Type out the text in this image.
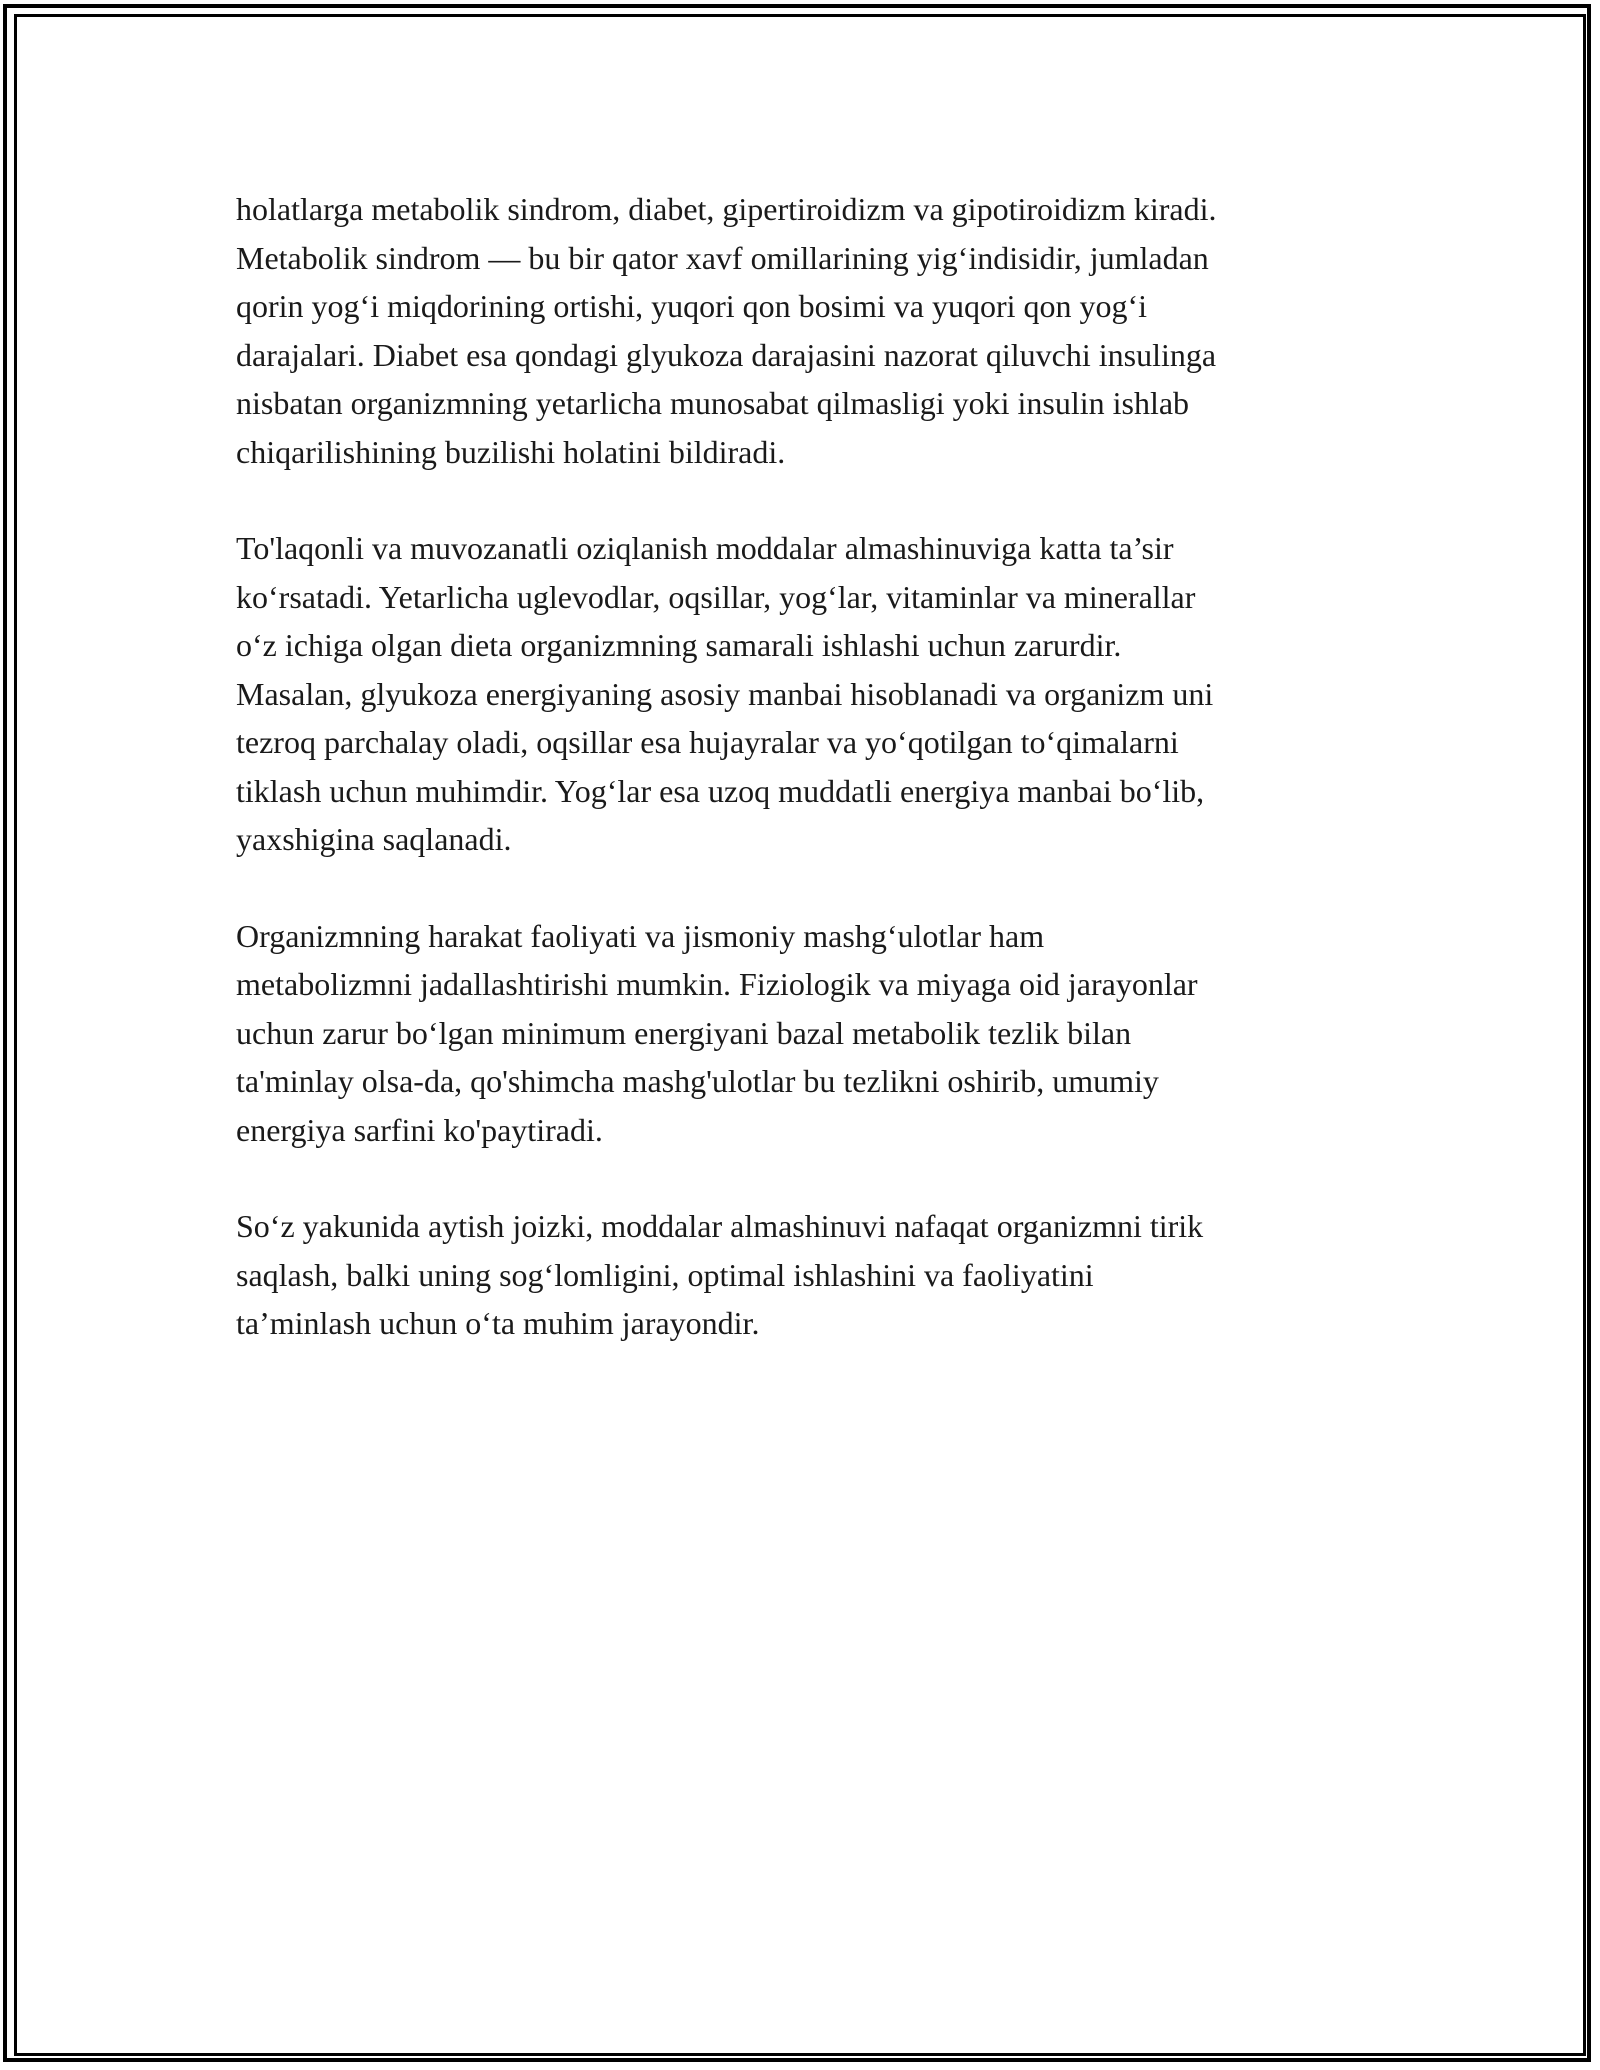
holatlarga metabolik sindrom, diabet, gipertiroidizm va gipotiroidizm kiradi.
Metabolik sindrom — bu bir qator xavf omillarining yig‘indisidir, jumladan
qorin yog‘i miqdorining ortishi, yuqori qon bosimi va yuqori qon yog‘i
darajalari. Diabet esa qondagi glyukoza darajasini nazorat qiluvchi insulinga
nisbatan organizmning yetarlicha munosabat qilmasligi yoki insulin ishlab
chiqarilishining buzilishi holatini bildiradi.

To'laqonli va muvozanatli oziqlanish moddalar almashinuviga katta ta’sir
ko‘rsatadi. Yetarlicha uglevodlar, oqsillar, yog‘lar, vitaminlar va minerallar
o‘z ichiga olgan dieta organizmning samarali ishlashi uchun zarurdir.
Masalan, glyukoza energiyaning asosiy manbai hisoblanadi va organizm uni
tezroq parchalay oladi, oqsillar esa hujayralar va yo‘qotilgan to‘qimalarni
tiklash uchun muhimdir. Yog‘lar esa uzoq muddatli energiya manbai bo‘lib,
yaxshigina saqlanadi.

Organizmning harakat faoliyati va jismoniy mashg‘ulotlar ham
metabolizmni jadallashtirishi mumkin. Fiziologik va miyaga oid jarayonlar
uchun zarur bo‘lgan minimum energiyani bazal metabolik tezlik bilan
ta'minlay olsa-da, qo'shimcha mashg'ulotlar bu tezlikni oshirib, umumiy
energiya sarfini ko'paytiradi.

So‘z yakunida aytish joizki, moddalar almashinuvi nafaqat organizmni tirik
saqlash, balki uning sog‘lomligini, optimal ishlashini va faoliyatini
ta’minlash uchun o‘ta muhim jarayondir.
